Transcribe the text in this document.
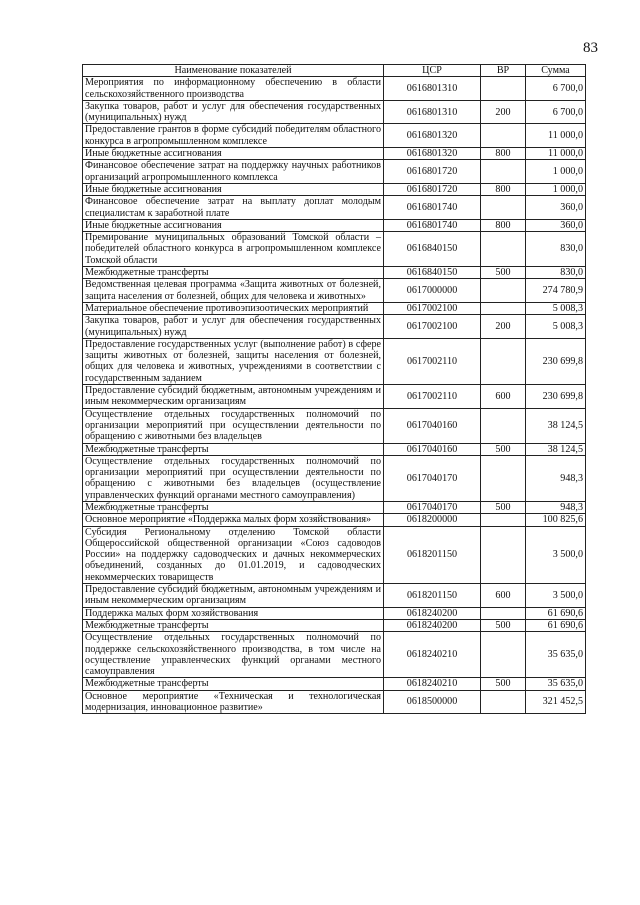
83
Наименование показателей	ЦСР	ВР	Сумма
Мероприятия по информационному обеспечению в области сельскохозяйственного производства	0616801310		6 700,0
Закупка товаров, работ и услуг для обеспечения государственных (муниципальных) нужд	0616801310	200	6 700,0
Предоставление грантов в форме субсидий победителям областного конкурса в агропромышленном комплексе	0616801320		11 000,0
Иные бюджетные ассигнования	0616801320	800	11 000,0
Финансовое обеспечение затрат на поддержку научных работников организаций агропромышленного комплекса	0616801720		1 000,0
Иные бюджетные ассигнования	0616801720	800	1 000,0
Финансовое обеспечение затрат на выплату доплат молодым специалистам к заработной плате	0616801740		360,0
Иные бюджетные ассигнования	0616801740	800	360,0
Премирование муниципальных образований Томской области – победителей областного конкурса в агропромышленном комплексе Томской области	0616840150		830,0
Межбюджетные трансферты	0616840150	500	830,0
Ведомственная целевая программа «Защита животных от болезней, защита населения от болезней, общих для человека и животных»	0617000000		274 780,9
Материальное обеспечение противоэпизоотических мероприятий	0617002100		5 008,3
Закупка товаров, работ и услуг для обеспечения государственных (муниципальных) нужд	0617002100	200	5 008,3
Предоставление государственных услуг (выполнение работ) в сфере защиты животных от болезней, защиты населения от болезней, общих для человека и животных, учреждениями в соответствии с государственным заданием	0617002110		230 699,8
Предоставление субсидий бюджетным, автономным учреждениям и иным некоммерческим организациям	0617002110	600	230 699,8
Осуществление отдельных государственных полномочий по организации мероприятий при осуществлении деятельности по обращению с животными без владельцев	0617040160		38 124,5
Межбюджетные трансферты	0617040160	500	38 124,5
Осуществление отдельных государственных полномочий по организации мероприятий при осуществлении деятельности по обращению с животными без владельцев (осуществление управленческих функций органами местного самоуправления)	0617040170		948,3
Межбюджетные трансферты	0617040170	500	948,3
Основное мероприятие «Поддержка малых форм хозяйствования»	0618200000		100 825,6
Субсидия Региональному отделению Томской области Общероссийской общественной организации «Союз садоводов России» на поддержку садоводческих и дачных некоммерческих объединений, созданных до 01.01.2019, и садоводческих некоммерческих товариществ	0618201150		3 500,0
Предоставление субсидий бюджетным, автономным учреждениям и иным некоммерческим организациям	0618201150	600	3 500,0
Поддержка малых форм хозяйствования	0618240200		61 690,6
Межбюджетные трансферты	0618240200	500	61 690,6
Осуществление отдельных государственных полномочий по поддержке сельскохозяйственного производства, в том числе на осуществление управленческих функций органами местного самоуправления	0618240210		35 635,0
Межбюджетные трансферты	0618240210	500	35 635,0
Основное мероприятие «Техническая и технологическая модернизация, инновационное развитие»	0618500000		321 452,5
